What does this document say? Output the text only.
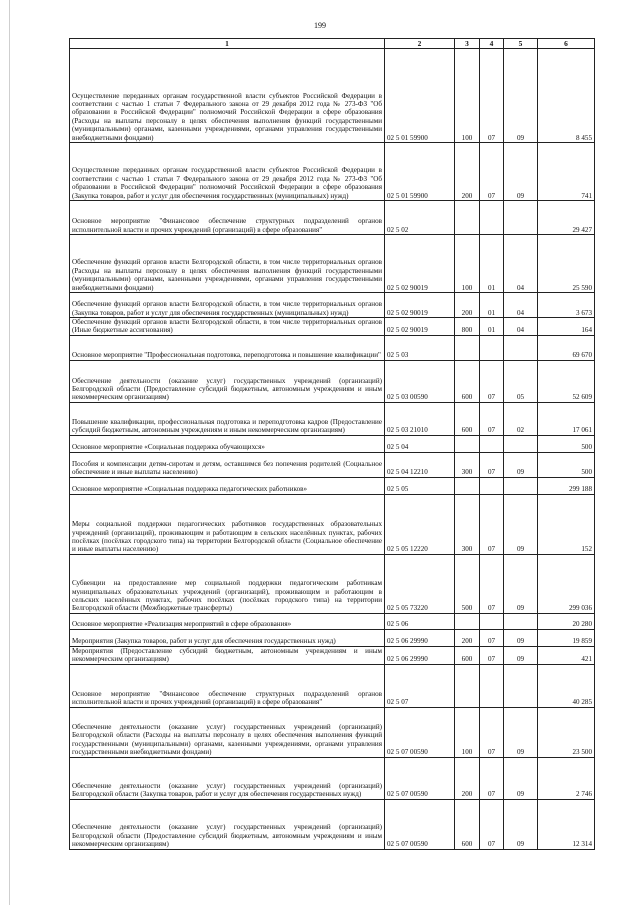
199
1	2	3	4	5	6
Осуществление переданных органам государственной власти субъектов Российской Федерации в соответствии с частью 1 статьи 7 Федерального закона от 29 декабря 2012 года № 273-ФЗ "Об образовании в Российской Федерации" полномочий Российской Федерации в сфере образования (Расходы на выплаты персоналу в целях обеспечения выполнения функций государственными (муниципальными) органами, казенными учреждениями, органами управления государственными внебюджетными фондами)	02 5 01 59900	100	07	09	8 455
Осуществление переданных органам государственной власти субъектов Российской Федерации в соответствии с частью 1 статьи 7 Федерального закона от 29 декабря 2012 года № 273-ФЗ "Об образовании в Российской Федерации" полномочий Российской Федерации в сфере образования (Закупка товаров, работ и услуг для обеспечения государственных (муниципальных) нужд)	02 5 01 59900	200	07	09	741
Основное мероприятие "Финансовое обеспечение структурных подразделений органов исполнительной власти и прочих учреждений (организаций) в сфере образования"	02 5 02				29 427
Обеспечение функций органов власти Белгородской области, в том числе территориальных органов (Расходы на выплаты персоналу в целях обеспечения выполнения функций государственными (муниципальными) органами, казенными учреждениями, органами управления государственными внебюджетными фондами)	02 5 02 90019	100	01	04	25 590
Обеспечение функций органов власти Белгородской области, в том числе территориальных органов (Закупка товаров, работ и услуг для обеспечения государственных (муниципальных) нужд)	02 5 02 90019	200	01	04	3 673
Обеспечение функций органов власти Белгородской области, в том числе территориальных органов (Иные бюджетные ассигнования)	02 5 02 90019	800	01	04	164
Основное мероприятие "Профессиональная подготовка, переподготовка и повышение квалификации"	02 5 03				69 670
Обеспечение деятельности (оказание услуг) государственных учреждений (организаций) Белгородской области (Предоставление субсидий бюджетным, автономным учреждениям и иным некоммерческим организациям)	02 5 03 00590	600	07	05	52 609
Повышение квалификации, профессиональная подготовка и переподготовка кадров (Предоставление субсидий бюджетным, автономным учреждениям и иным некоммерческим организациям)	02 5 03 21010	600	07	02	17 061
Основное мероприятие «Социальная поддержка обучающихся»	02 5 04				500
Пособия и компенсации детям-сиротам и детям, оставшимся без попечения родителей (Социальное обеспечение и иные выплаты населению)	02 5 04 12210	300	07	09	500
Основное мероприятие «Социальная поддержка педагогических работников»	02 5 05				299 188
Меры социальной поддержки педагогических работников государственных образовательных учреждений (организаций), проживающим и работающим в сельских населённых пунктах, рабочих посёлках (посёлках городского типа) на территории Белгородской области (Социальное обеспечение и иные выплаты населению)	02 5 05 12220	300	07	09	152
Субвенции на предоставление мер социальной поддержки педагогическим работникам муниципальных образовательных учреждений (организаций), проживающим и работающим в сельских населённых пунктах, рабочих посёлках (посёлках городского типа) на территории Белгородской области (Межбюджетные трансферты)	02 5 05 73220	500	07	09	299 036
Основное мероприятие «Реализация мероприятий в сфере образования»	02 5 06				20 280
Мероприятия (Закупка товаров, работ и услуг для обеспечения государственных нужд)	02 5 06 29990	200	07	09	19 859
Мероприятия (Предоставление субсидий бюджетным, автономным учреждениям и иным некоммерческим организациям)	02 5 06 29990	600	07	09	421
Основное мероприятие "Финансовое обеспечение структурных подразделений органов исполнительной власти и прочих учреждений (организаций) в сфере образования"	02 5 07				40 285
Обеспечение деятельности (оказание услуг) государственных учреждений (организаций) Белгородской области (Расходы на выплаты персоналу в целях обеспечения выполнения функций государственными (муниципальными) органами, казенными учреждениями, органами управления государственными внебюджетными фондами)	02 5 07 00590	100	07	09	23 500
Обеспечение деятельности (оказание услуг) государственных учреждений (организаций) Белгородской области (Закупка товаров, работ и услуг для обеспечения государственных нужд)	02 5 07 00590	200	07	09	2 746
Обеспечение деятельности (оказание услуг) государственных учреждений (организаций) Белгородской области (Предоставление субсидий бюджетным, автономным учреждениям и иным некоммерческим организациям)	02 5 07 00590	600	07	09	12 314
